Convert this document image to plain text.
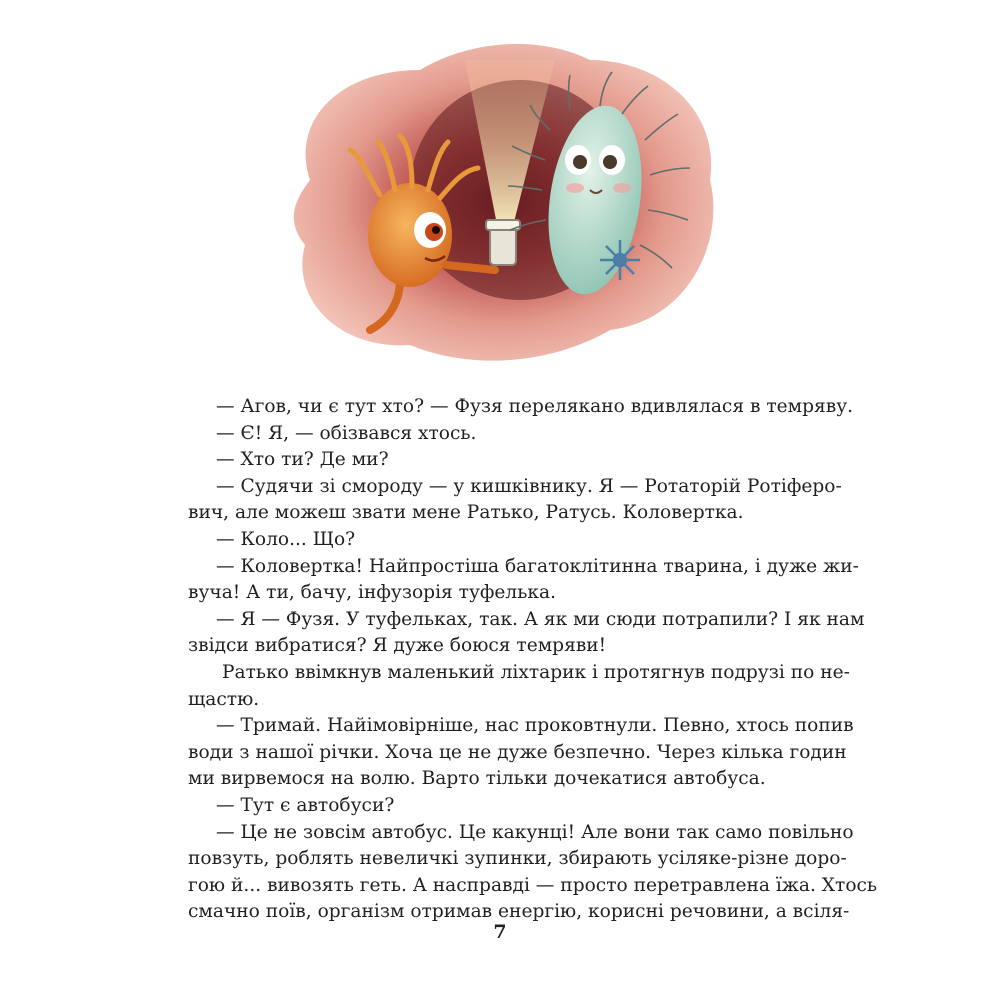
— Агов, чи є тут хто? — Фузя перелякано вдивлялася в темряву.
— Є! Я, — обізвався хтось.
— Хто ти? Де ми?
— Судячи зі смороду — у кишківнику. Я — Ротаторій Ротіферо-
вич, але можеш звати мене Ратько, Ратусь. Коловертка.
— Коло... Що?
— Коловертка! Найпростіша багатоклітинна тварина, і дуже жи-
вуча! А ти, бачу, інфузорія туфелька.
— Я — Фузя. У туфельках, так. А як ми сюди потрапили? І як нам
звідси вибратися? Я дуже боюся темряви!
Ратько ввімкнув маленький ліхтарик і протягнув подрузі по не-
щастю.
— Тримай. Найімовірніше, нас проковтнули. Певно, хтось попив
води з нашої річки. Хоча це не дуже безпечно. Через кілька годин
ми вирвемося на волю. Варто тільки дочекатися автобуса.
— Тут є автобуси?
— Це не зовсім автобус. Це какунці! Але вони так само повільно
повзуть, роблять невеличкі зупинки, збирають усіляке-різне доро-
гою й... вивозять геть. А насправді — просто перетравлена їжа. Хтось
смачно поїв, організм отримав енергію, корисні речовини, а всіля-
7
